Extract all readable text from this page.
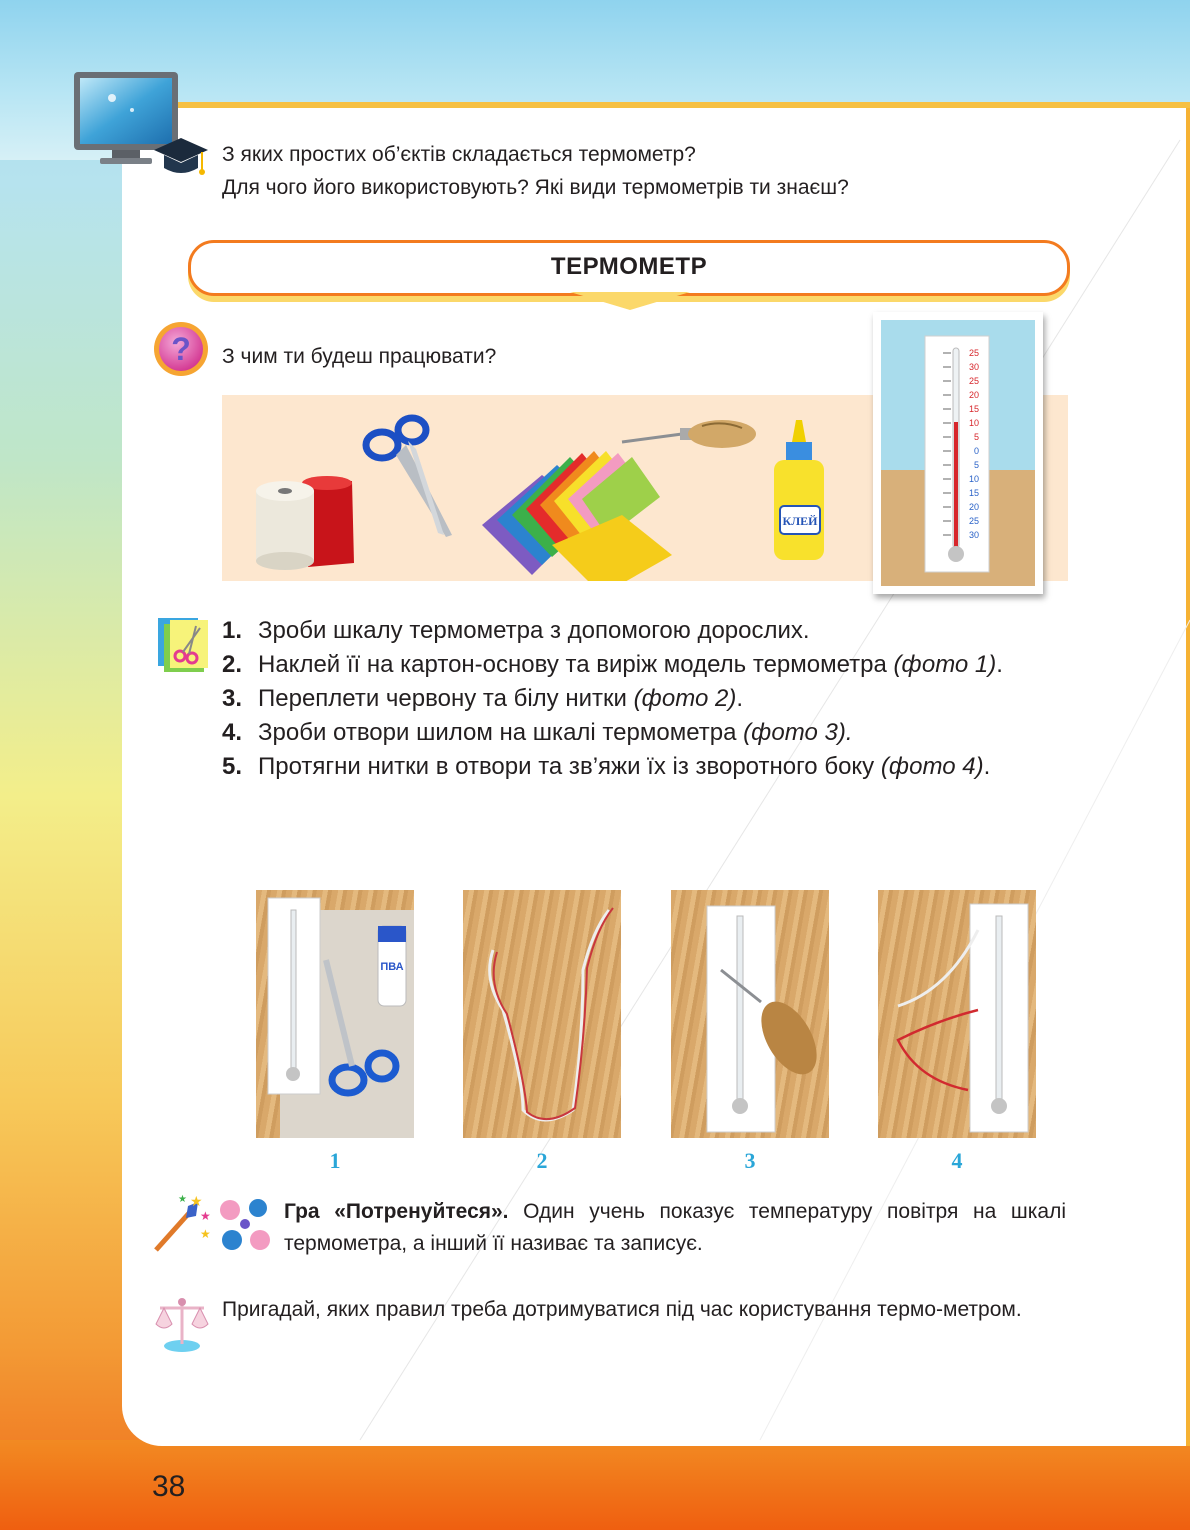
З яких простих об’єктів складається термометр?
Для чого його використовують? Які види термометрів ти знаєш?
ТЕРМОМЕТР
? З чим ти будеш працювати?
КЛЕЙ
25
30
25
20
15
10
5
0
5
10
15
20
25
30
1. Зроби шкалу термометра з допомогою дорослих.
2. Наклей її на картон-основу та виріж модель термометра (фото 1).
3. Переплети червону та білу нитки (фото 2).
4. Зроби отвори шилом на шкалі термометра (фото 3).
5. Протягни нитки в отвори та зв’яжи їх із зворотного боку (фото 4).
ПВА
1	2	3	4
★
★
★
★
Гра «Потренуйтеся». Один учень показує температуру повітря на шкалі термометра, а інший її називає та записує.
Пригадай, яких правил треба дотримуватися під час користування термо-метром.
38
